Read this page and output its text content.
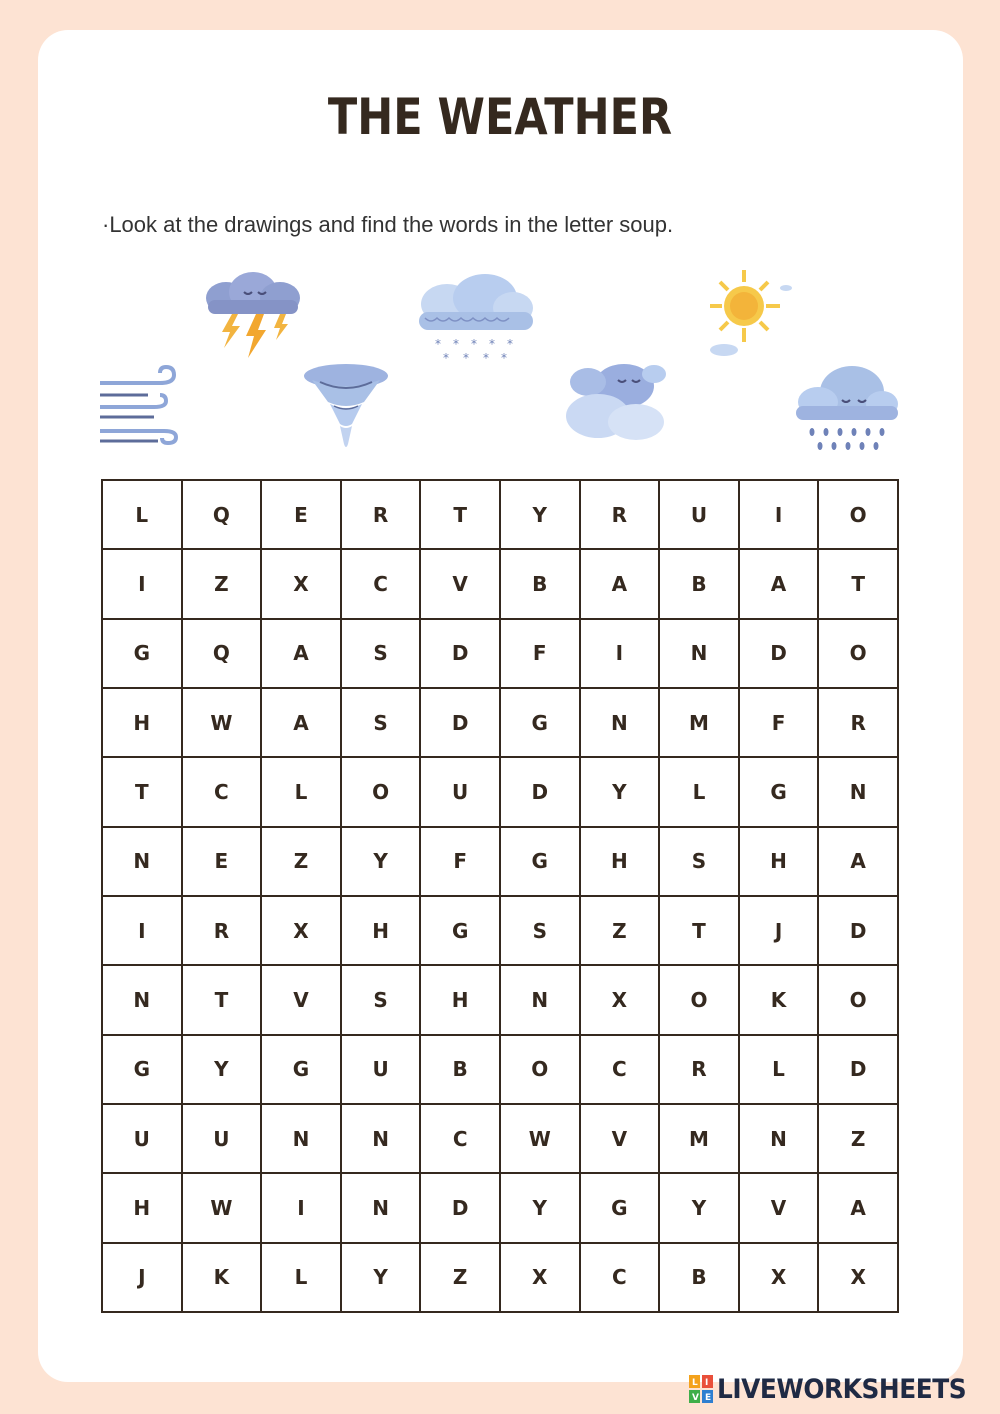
THE WEATHER
·Look at the drawings and find the words in the letter soup.
* * * * *
* * * *
L	Q	E	R	T	Y	R	U	I	O
I	Z	X	C	V	B	A	B	A	T
G	Q	A	S	D	F	I	N	D	O
H	W	A	S	D	G	N	M	F	R
T	C	L	O	U	D	Y	L	G	N
N	E	Z	Y	F	G	H	S	H	A
I	R	X	H	G	S	Z	T	J	D
N	T	V	S	H	N	X	O	K	O
G	Y	G	U	B	O	C	R	L	D
U	U	N	N	C	W	V	M	N	Z
H	W	I	N	D	Y	G	Y	V	A
J	K	L	Y	Z	X	C	B	X	X
L I
V E LIVEWORKSHEETS
